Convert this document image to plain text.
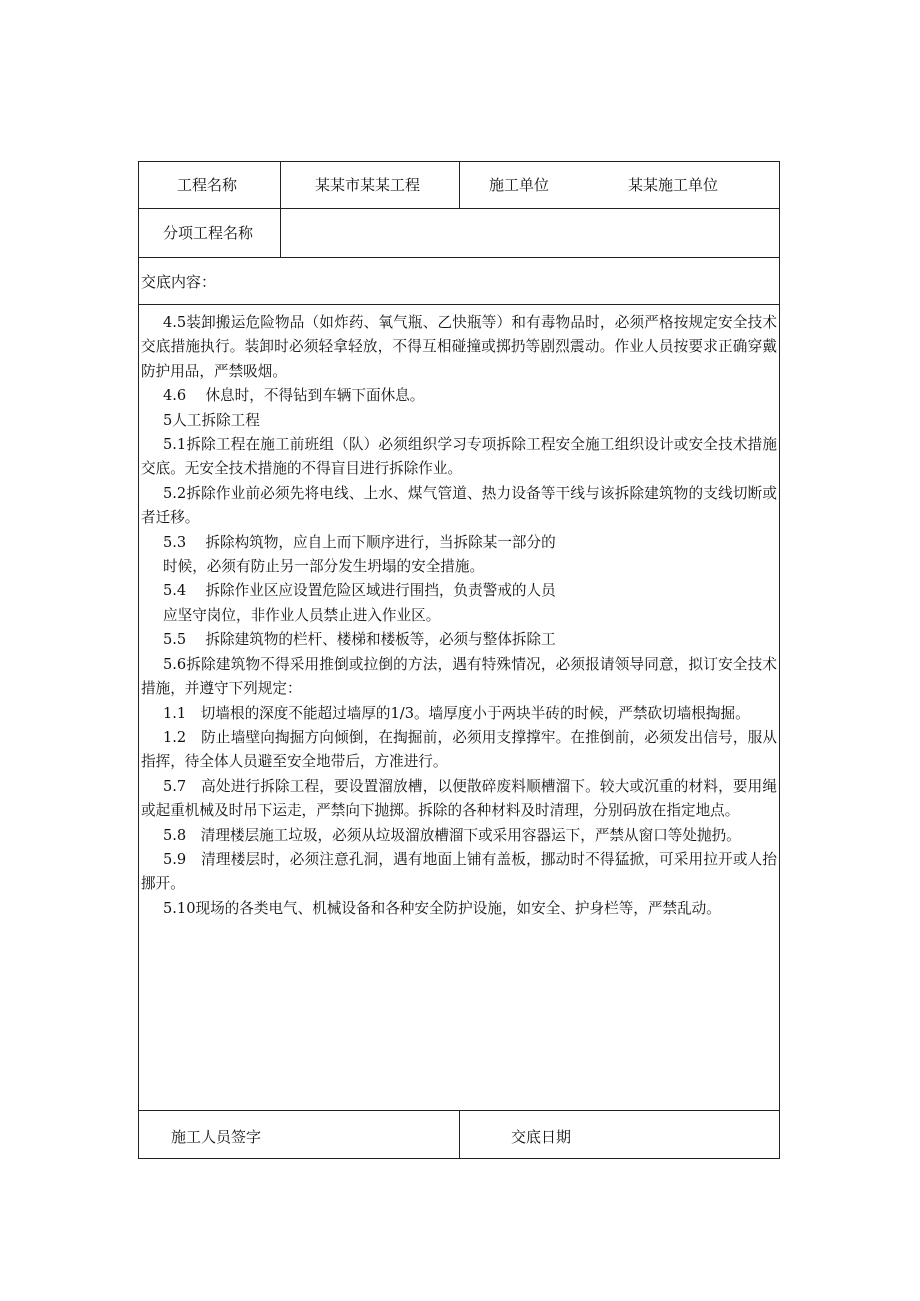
工程名称	某某市某某工程	施工单位	某某施工单位
分项工程名称
交底内容：

4.5装卸搬运危险物品（如炸药、氧气瓶、乙快瓶等）和有毒物品时，必须严格按规定安全技术交底措施执行。装卸时必须轻拿轻放，不得互相碰撞或掷扔等剧烈震动。作业人员按要求正确穿戴防护用品，严禁吸烟。

4.6　 休息时，不得钻到车辆下面休息。

5人工拆除工程

5.1拆除工程在施工前班组（队）必须组织学习专项拆除工程安全施工组织设计或安全技术措施交底。无安全技术措施的不得盲目进行拆除作业。

5.2拆除作业前必须先将电线、上水、煤气管道、热力设备等干线与该拆除建筑物的支线切断或者迁移。

5.3　 拆除构筑物，应自上而下顺序进行，当拆除某一部分的

时候，必须有防止另一部分发生坍塌的安全措施。

5.4　 拆除作业区应设置危险区域进行围挡，负责警戒的人员

应坚守岗位，非作业人员禁止进入作业区。

5.5　 拆除建筑物的栏杆、楼梯和楼板等，必须与整体拆除工

5.6拆除建筑物不得采用推倒或拉倒的方法，遇有特殊情况，必须报请领导同意，拟订安全技术措施，并遵守下列规定：

1.1　切墙根的深度不能超过墙厚的1/3。墙厚度小于两块半砖的时候，严禁砍切墙根掏掘。

1.2　防止墙壁向掏掘方向倾倒，在掏掘前，必须用支撑撑牢。在推倒前，必须发出信号，服从指挥，待全体人员避至安全地带后，方准进行。

5.7　高处进行拆除工程，要设置溜放槽，以便散碎废料顺槽溜下。较大或沉重的材料，要用绳或起重机械及时吊下运走，严禁向下抛掷。拆除的各种材料及时清理，分别码放在指定地点。

5.8　清理楼层施工垃圾，必须从垃圾溜放槽溜下或采用容器运下，严禁从窗口等处抛扔。

5.9　清理楼层时，必须注意孔洞，遇有地面上铺有盖板，挪动时不得猛掀，可采用拉开或人抬挪开。

5.10现场的各类电气、机械设备和各种安全防护设施，如安全、护身栏等，严禁乱动。

施工人员签字	交底日期
